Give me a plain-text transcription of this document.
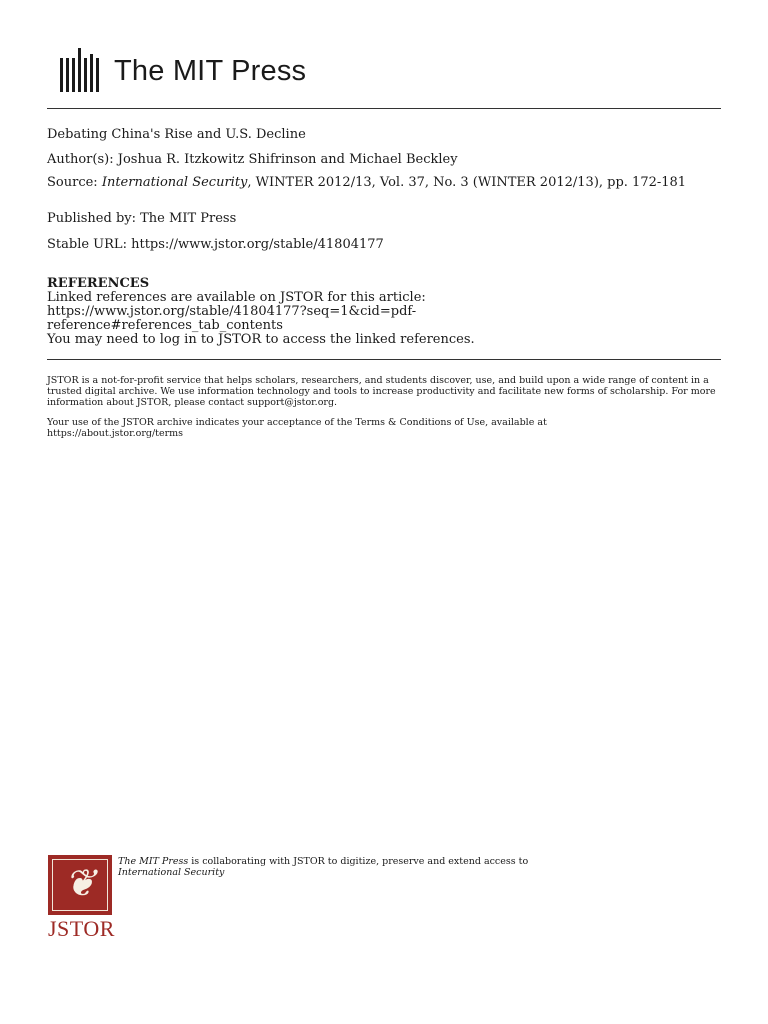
The MIT Press

Debating China's Rise and U.S. Decline

Author(s): Joshua R. Itzkowitz Shifrinson and Michael Beckley

Source: International Security, WINTER 2012/13, Vol. 37, No. 3 (WINTER 2012/13), pp. 172-181

Published by: The MIT Press

Stable URL: https://www.jstor.org/stable/41804177

REFERENCES

Linked references are available on JSTOR for this article:
https://www.jstor.org/stable/41804177?seq=1&cid=pdf-
reference#references_tab_contents
You may need to log in to JSTOR to access the linked references.

JSTOR is a not-for-profit service that helps scholars, researchers, and students discover, use, and build upon a wide range of content in a trusted digital archive. We use information technology and tools to increase productivity and facilitate new forms of scholarship. For more information about JSTOR, please contact support@jstor.org.

Your use of the JSTOR archive indicates your acceptance of the Terms & Conditions of Use, available at
https://about.jstor.org/terms
❦
JSTOR

The MIT Press is collaborating with JSTOR to digitize, preserve and extend access to
International Security
